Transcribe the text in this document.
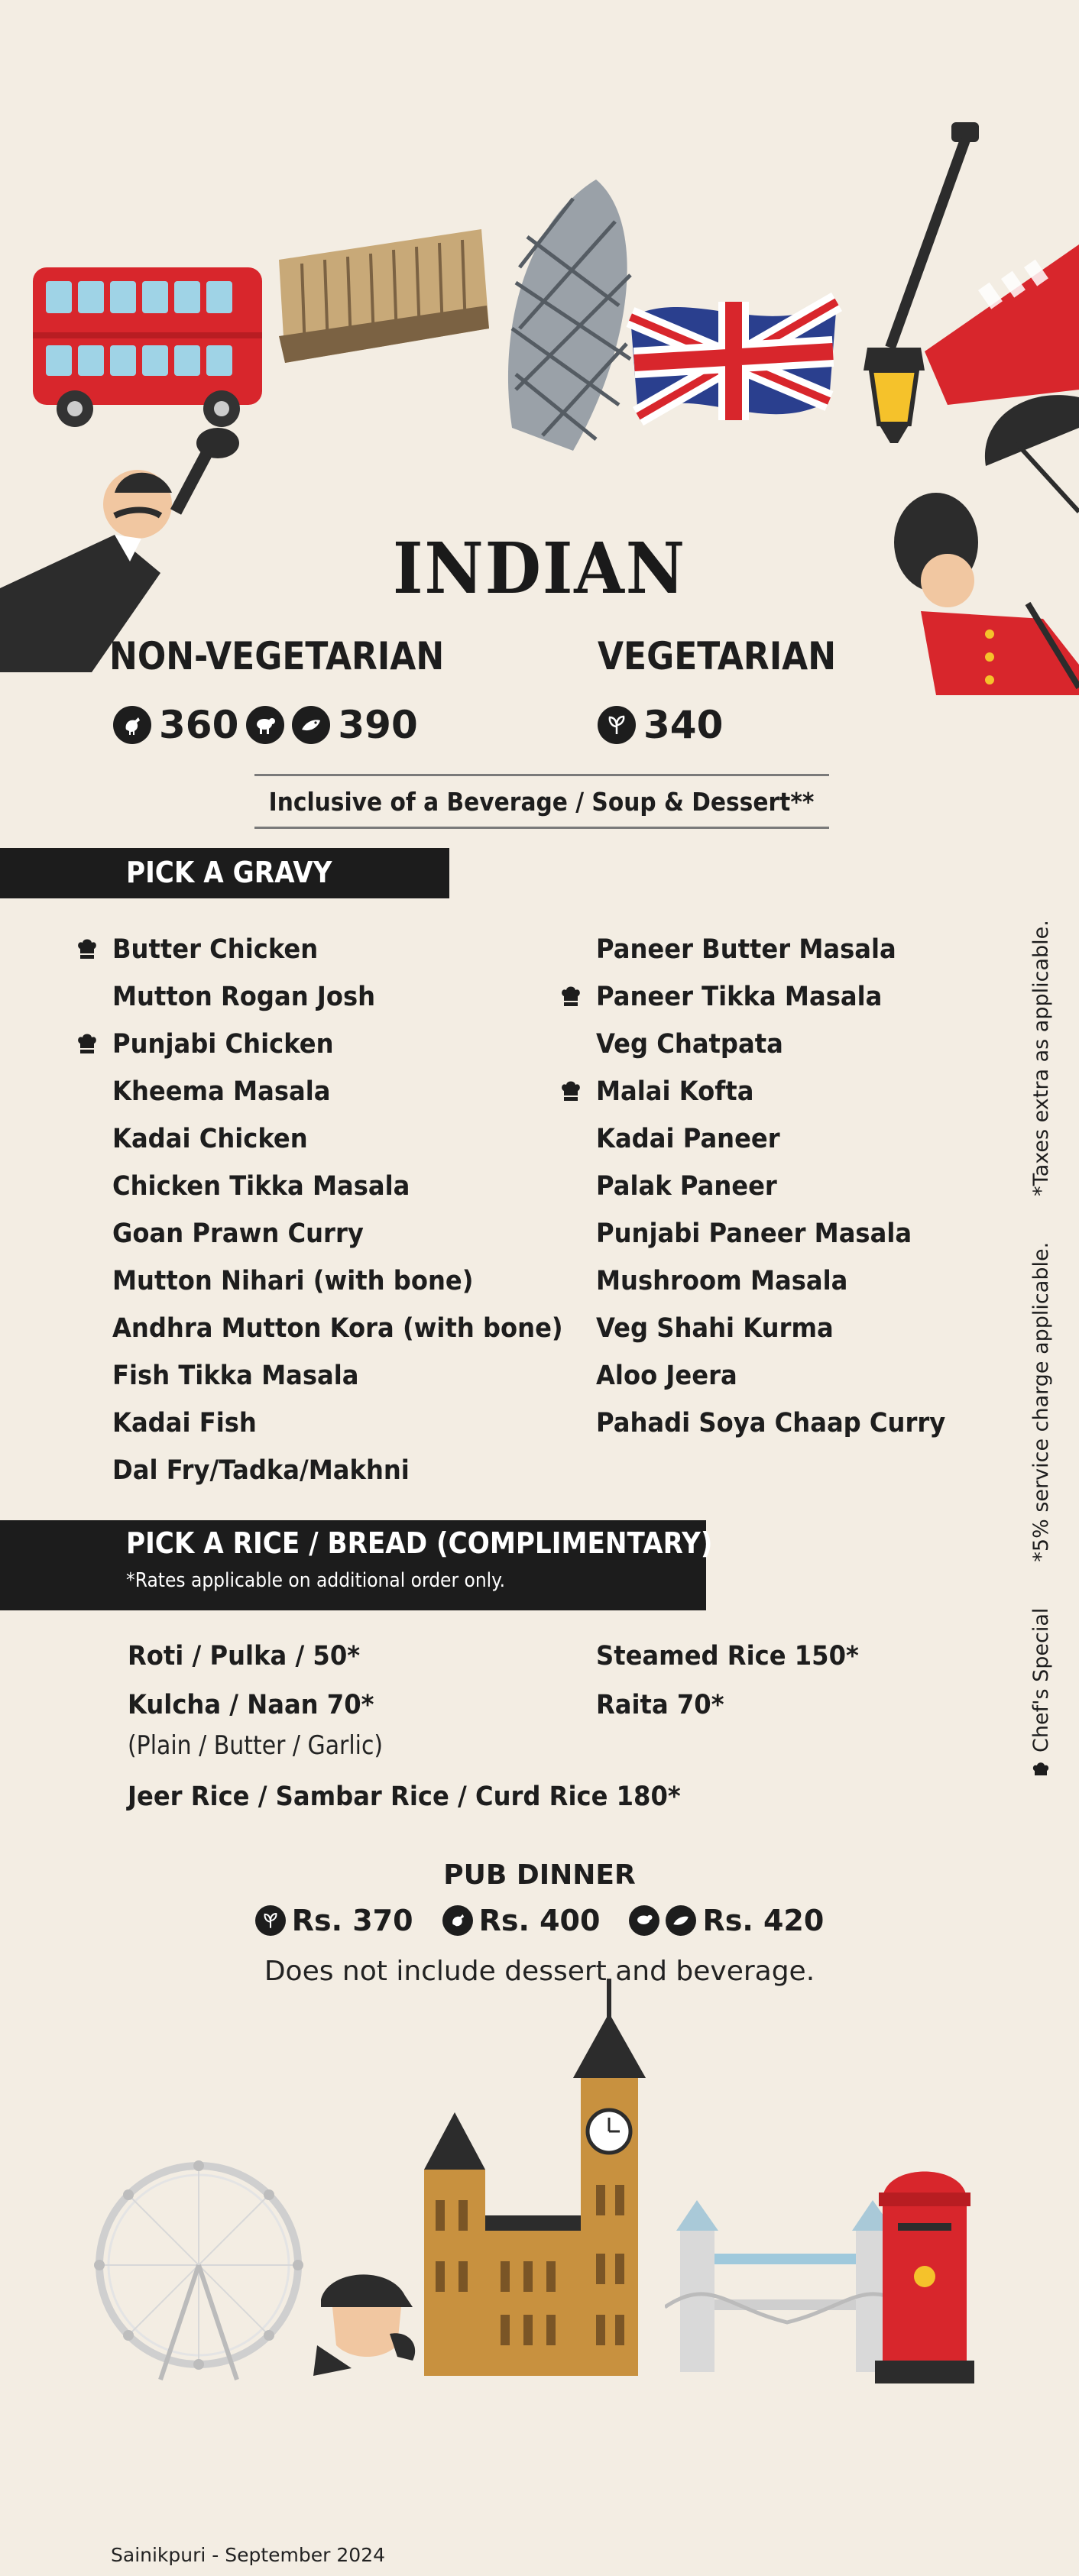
INDIAN
NON-VEGETARIAN	VEGETARIAN
360	390	340
Inclusive of a Beverage / Soup & Dessert**
PICK A GRAVY
Butter Chicken
Mutton Rogan Josh
Punjabi Chicken
Kheema Masala
Kadai Chicken
Chicken Tikka Masala
Goan Prawn Curry
Mutton Nihari (with bone)
Andhra Mutton Kora (with bone)
Fish Tikka Masala
Kadai Fish
Dal Fry/Tadka/Makhni
Paneer Butter Masala
Paneer Tikka Masala
Veg Chatpata
Malai Kofta
Kadai Paneer
Palak Paneer
Punjabi Paneer Masala
Mushroom Masala
Veg Shahi Kurma
Aloo Jeera
Pahadi Soya Chaap Curry
PICK A RICE / BREAD (COMPLIMENTARY)
*Rates applicable on additional order only.
Roti / Pulka / 50*
Kulcha / Naan 70*
(Plain / Butter / Garlic)
Steamed Rice 150*
Raita 70*
Jeer Rice / Sambar Rice / Curd Rice 180*
PUB DINNER
Rs. 370 Rs. 400	Rs. 420
Does not include dessert and beverage.
Chef's Special
*5% service charge applicable.
*Taxes extra as applicable.
Sainikpuri - September 2024
